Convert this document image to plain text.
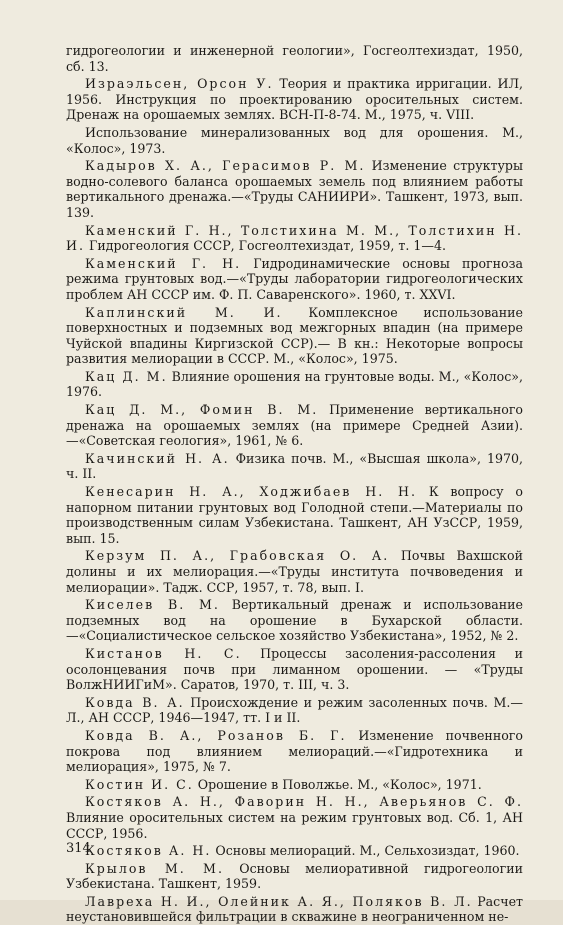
гидрогеологии и инженерной геологии», Госгеолтехиздат, 1950, сб. 13.

Израэльсен, Орсон У. Теория и практика ирригации. ИЛ, 1956. Инструкция по проектированию оросительных систем. Дренаж на орошаемых землях. ВСН-П-8-74. М., 1975, ч. VIII.

Использование минерализованных вод для орошения. М., «Колос», 1973.

Кадыров Х. А., Герасимов Р. М. Изменение структуры водно-солевого баланса орошаемых земель под влиянием работы вертикального дренажа.—«Труды САНИИРИ». Ташкент, 1973, вып. 139.

Каменский Г. Н., Толстихина М. М., Толстихин Н. И. Гидрогеология СССР, Госгеолтехиздат, 1959, т. 1—4.

Каменский Г. Н. Гидродинамические основы прогноза режима грунтовых вод.—«Труды лаборатории гидрогеологических проблем АН СССР им. Ф. П. Саваренского». 1960, т. XXVI.

Каплинский М. И. Комплексное использование поверхностных и подземных вод межгорных впадин (на примере Чуйской впадины Киргизской ССР).— В кн.: Некоторые вопросы развития мелиорации в СССР. М., «Колос», 1975.

Кац Д. М. Влияние орошения на грунтовые воды. М., «Колос», 1976.

Кац Д. М., Фомин В. М. Применение вертикального дренажа на орошаемых землях (на примере Средней Азии).—«Советская геология», 1961, № 6.

Качинский Н. А. Физика почв. М., «Высшая школа», 1970, ч. II.

Кенесарин Н. А., Ходжибаев Н. Н. К вопросу о напорном питании грунтовых вод Голодной степи.—Материалы по производственным силам Узбекистана. Ташкент, АН УзССР, 1959, вып. 15.

Керзум П. А., Грабовская О. А. Почвы Вахшской долины и их мелиорация.—«Труды института почвоведения и мелиорации». Тадж. ССР, 1957, т. 78, вып. I.

Киселев В. М. Вертикальный дренаж и использование подземных вод на орошение в Бухарской области.—«Социалистическое сельское хозяйство Узбекистана», 1952, № 2.

Кистанов Н. С. Процессы засоления-рассоления и осолонцевания почв при лиманном орошении. — «Труды ВолжНИИГиМ». Саратов, 1970, т. III, ч. 3.

Ковда В. А. Происхождение и режим засоленных почв. М.—Л., АН СССР, 1946—1947, тт. I и II.

Ковда В. А., Розанов Б. Г. Изменение почвенного покрова под влиянием мелиораций.—«Гидротехника и мелиорация», 1975, № 7.

Костин И. С. Орошение в Поволжье. М., «Колос», 1971.

Костяков А. Н., Фаворин Н. Н., Аверьянов С. Ф. Влияние оросительных систем на режим грунтовых вод. Сб. 1, АН СССР, 1956.

Костяков А. Н. Основы мелиораций. М., Сельхозиздат, 1960.

Крылов М. М. Основы мелиоративной гидрогеологии Узбекистана. Ташкент, 1959.

Лавреха Н. И., Олейник А. Я., Поляков В. Л. Расчет неустановившейся фильтрации в скважине в неограниченном не-

314
